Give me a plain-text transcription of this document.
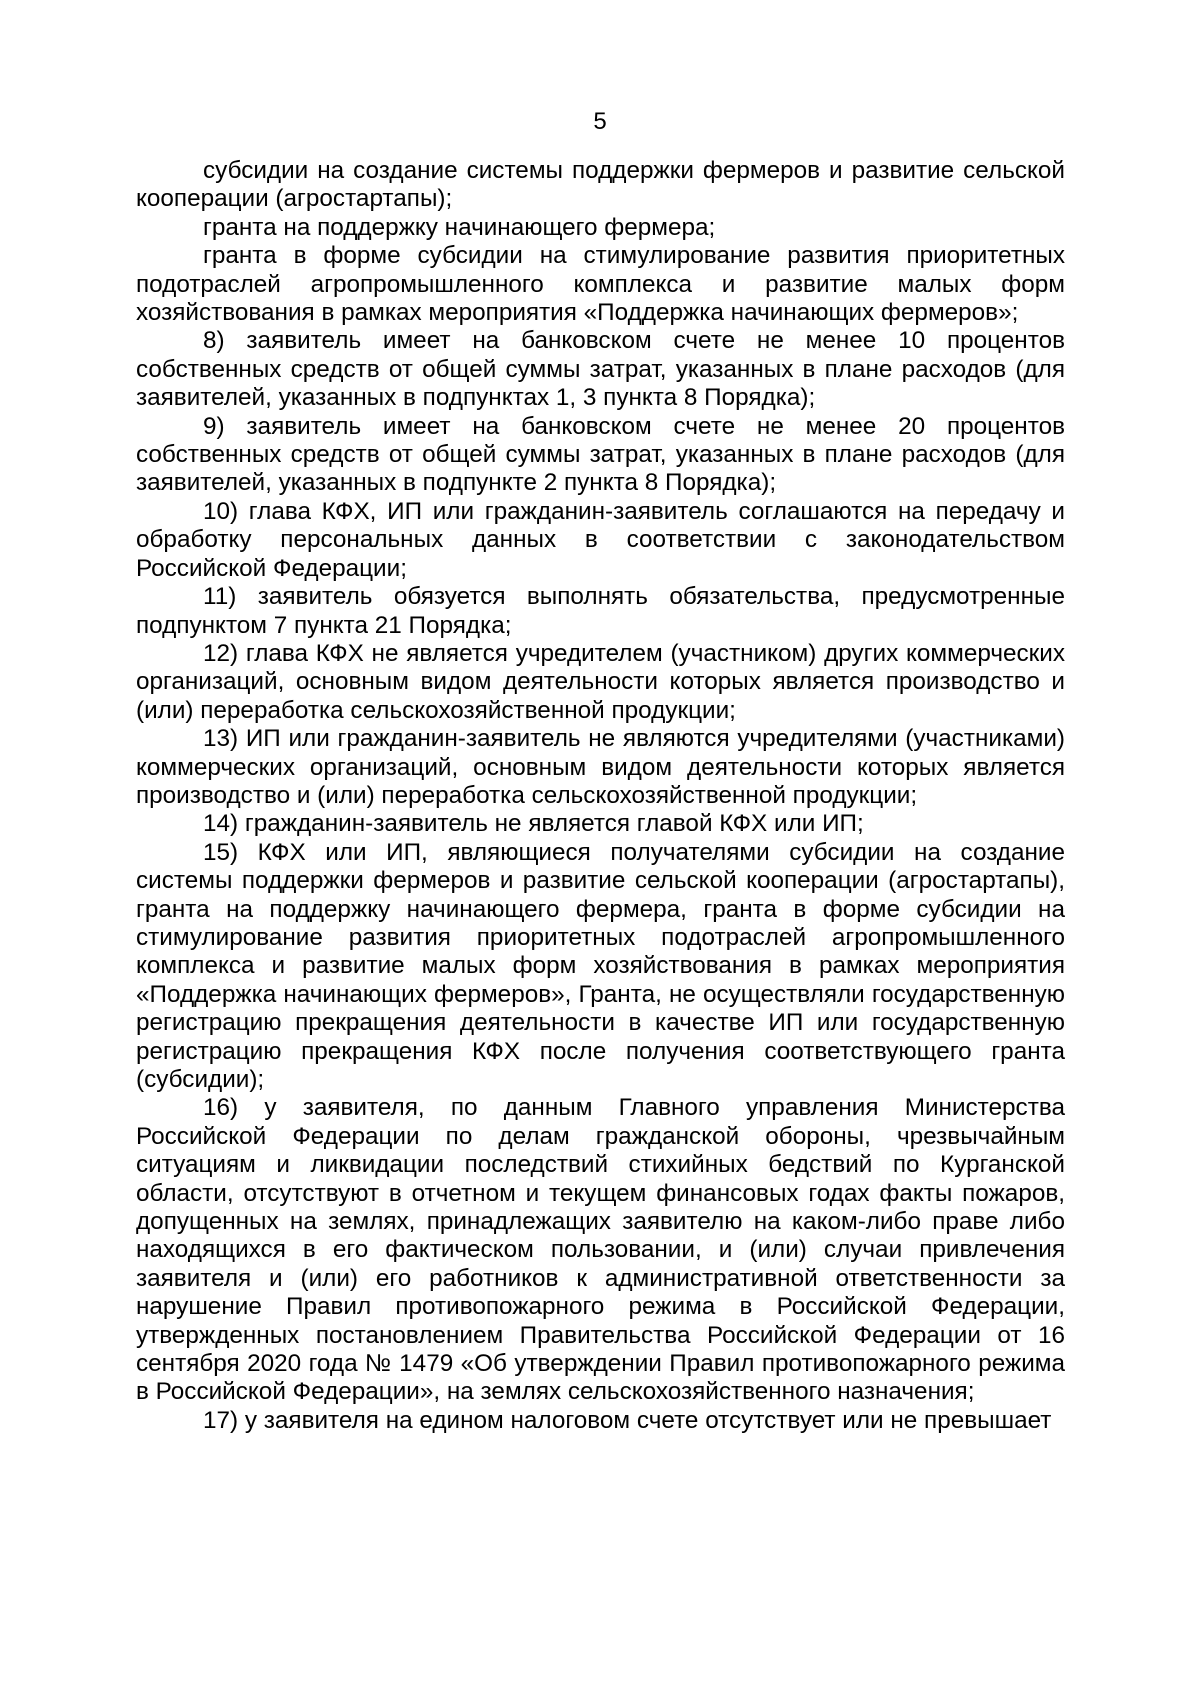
5

субсидии на создание системы поддержки фермеров и развитие сельской кооперации (агростартапы);

гранта на поддержку начинающего фермера;

гранта в форме субсидии на стимулирование развития приоритетных подотраслей агропромышленного комплекса и развитие малых форм хозяйствования в рамках мероприятия «Поддержка начинающих фермеров»;

8) заявитель имеет на банковском счете не менее 10 процентов собственных средств от общей суммы затрат, указанных в плане расходов (для заявителей, указанных в подпунктах 1, 3 пункта 8 Порядка);

9) заявитель имеет на банковском счете не менее 20 процентов собственных средств от общей суммы затрат, указанных в плане расходов (для заявителей, указанных в подпункте 2 пункта 8 Порядка);

10) глава КФХ, ИП или гражданин-заявитель соглашаются на передачу и обработку персональных данных в соответствии с законодательством Российской Федерации;

11) заявитель обязуется выполнять обязательства, предусмотренные подпунктом 7 пункта 21 Порядка;

12) глава КФХ не является учредителем (участником) других коммерческих организаций, основным видом деятельности которых является производство и (или) переработка сельскохозяйственной продукции;

13) ИП или гражданин-заявитель не являются учредителями (участниками) коммерческих организаций, основным видом деятельности которых является производство и (или) переработка сельскохозяйственной продукции;

14) гражданин-заявитель не является главой КФХ или ИП;

15) КФХ или ИП, являющиеся получателями субсидии на создание системы поддержки фермеров и развитие сельской кооперации (агростартапы), гранта на поддержку начинающего фермера, гранта в форме субсидии на стимулирование развития приоритетных подотраслей агропромышленного комплекса и развитие малых форм хозяйствования в рамках мероприятия «Поддержка начинающих фермеров», Гранта, не осуществляли государственную регистрацию прекращения деятельности в качестве ИП или государственную регистрацию прекращения КФХ после получения соответствующего гранта (субсидии);

16) у заявителя, по данным Главного управления Министерства Российской Федерации по делам гражданской обороны, чрезвычайным ситуациям и ликвидации последствий стихийных бедствий по Курганской области, отсутствуют в отчетном и текущем финансовых годах факты пожаров, допущенных на землях, принадлежащих заявителю на каком-либо праве либо находящихся в его фактическом пользовании, и (или) случаи привлечения заявителя и (или) его работников к административной ответственности за нарушение Правил противопожарного режима в Российской Федерации, утвержденных постановлением Правительства Российской Федерации от 16 сентября 2020 года № 1479 «Об утверждении Правил противопожарного режима в Российской Федерации», на землях сельскохозяйственного назначения;

17) у заявителя на едином налоговом счете отсутствует или не превышает
